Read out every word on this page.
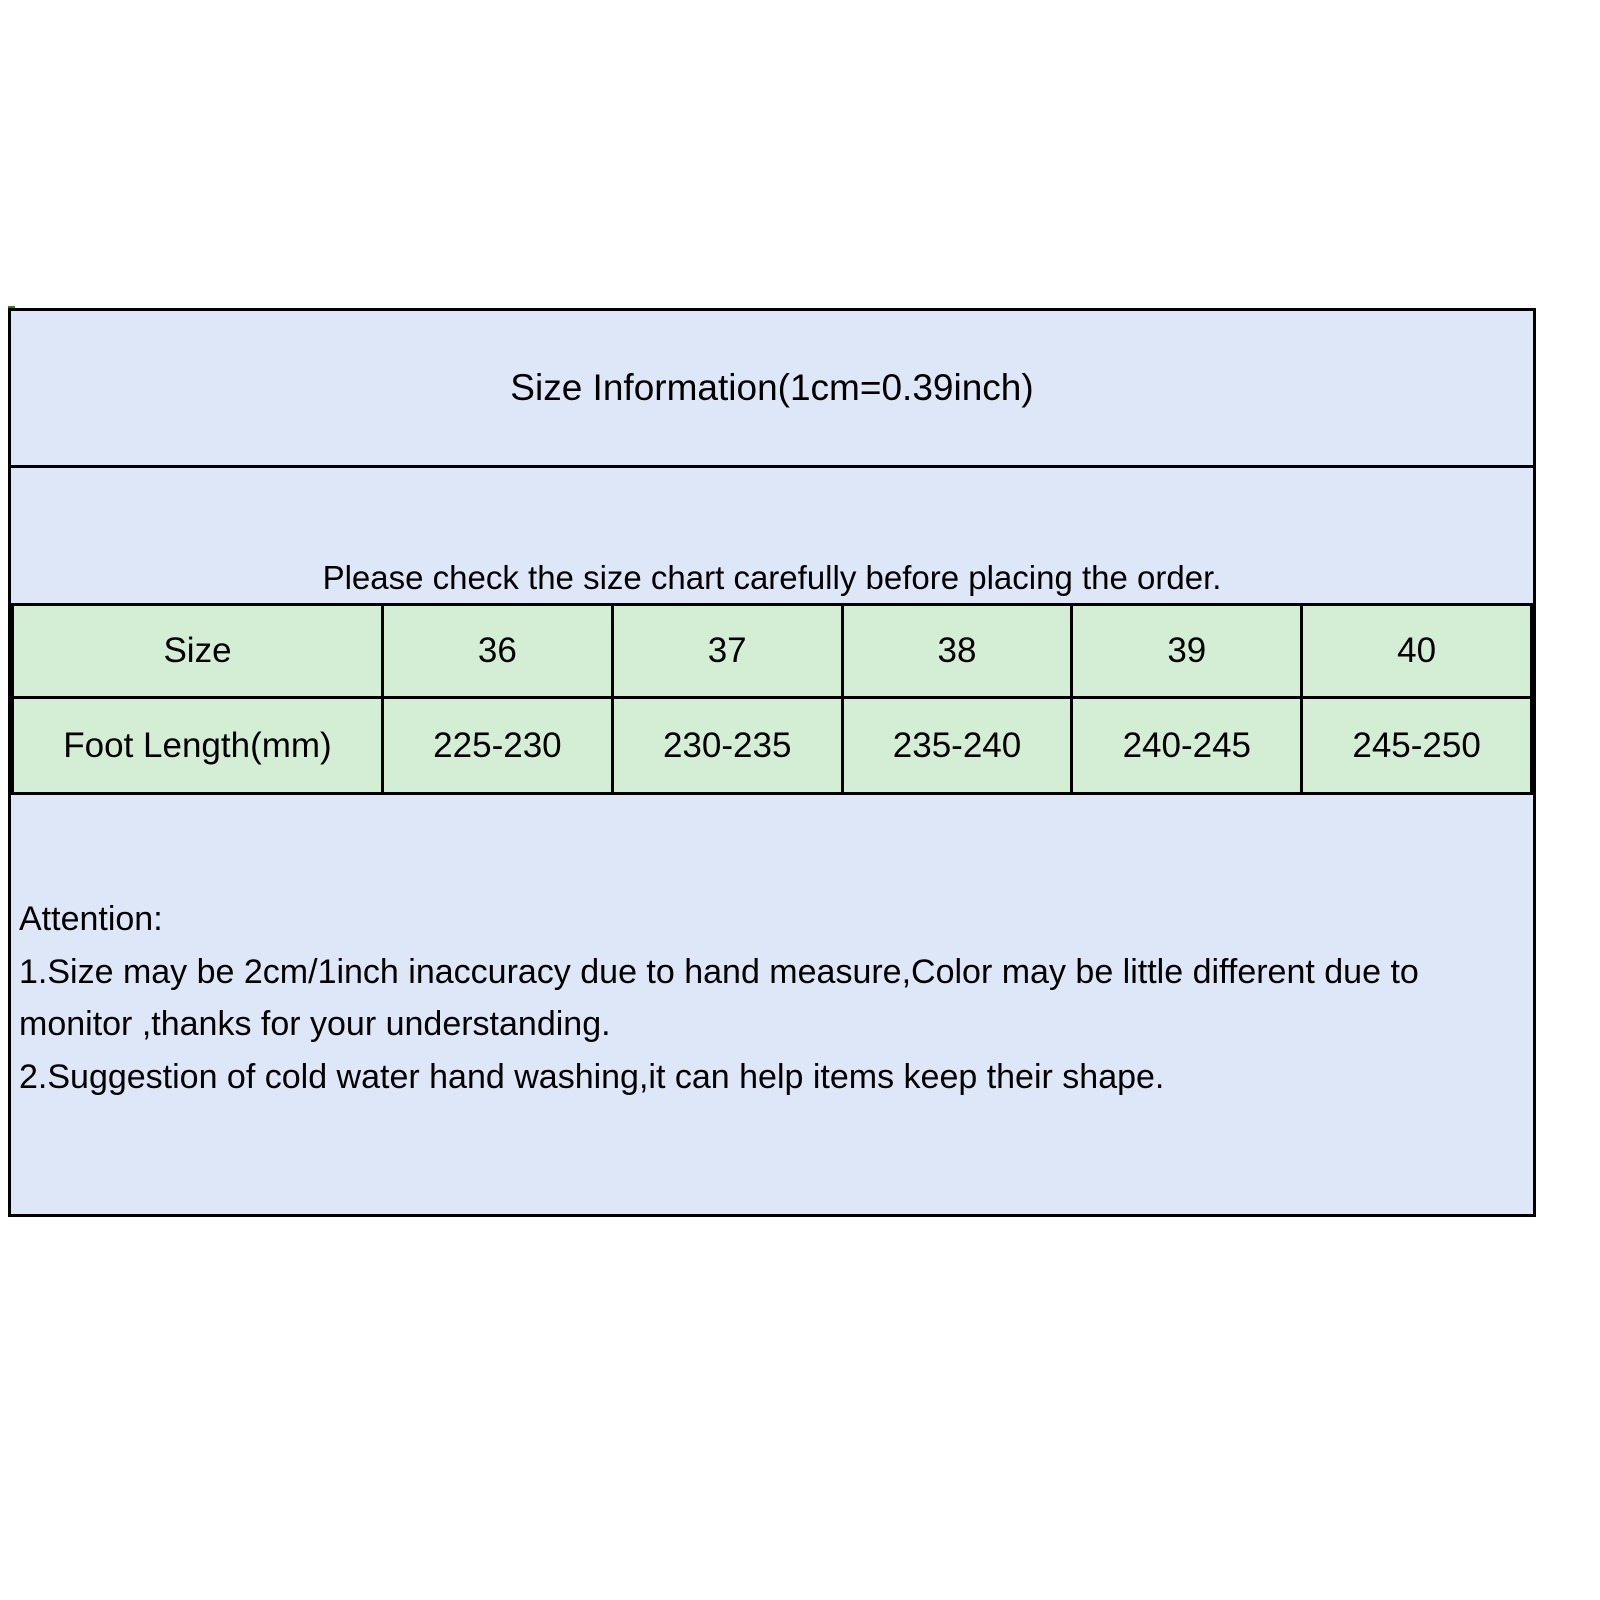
Size Information(1cm=0.39inch)
Please check the size chart carefully before placing the order.
Size	36	37	38	39	40
Foot Length(mm)	225-230	230-235	235-240	240-245	245-250
Attention:
1.Size may be 2cm/1inch inaccuracy due to hand measure,Color may be little different due to monitor ,thanks for your understanding.
2.Suggestion of cold water hand washing,it can help items keep their shape.
